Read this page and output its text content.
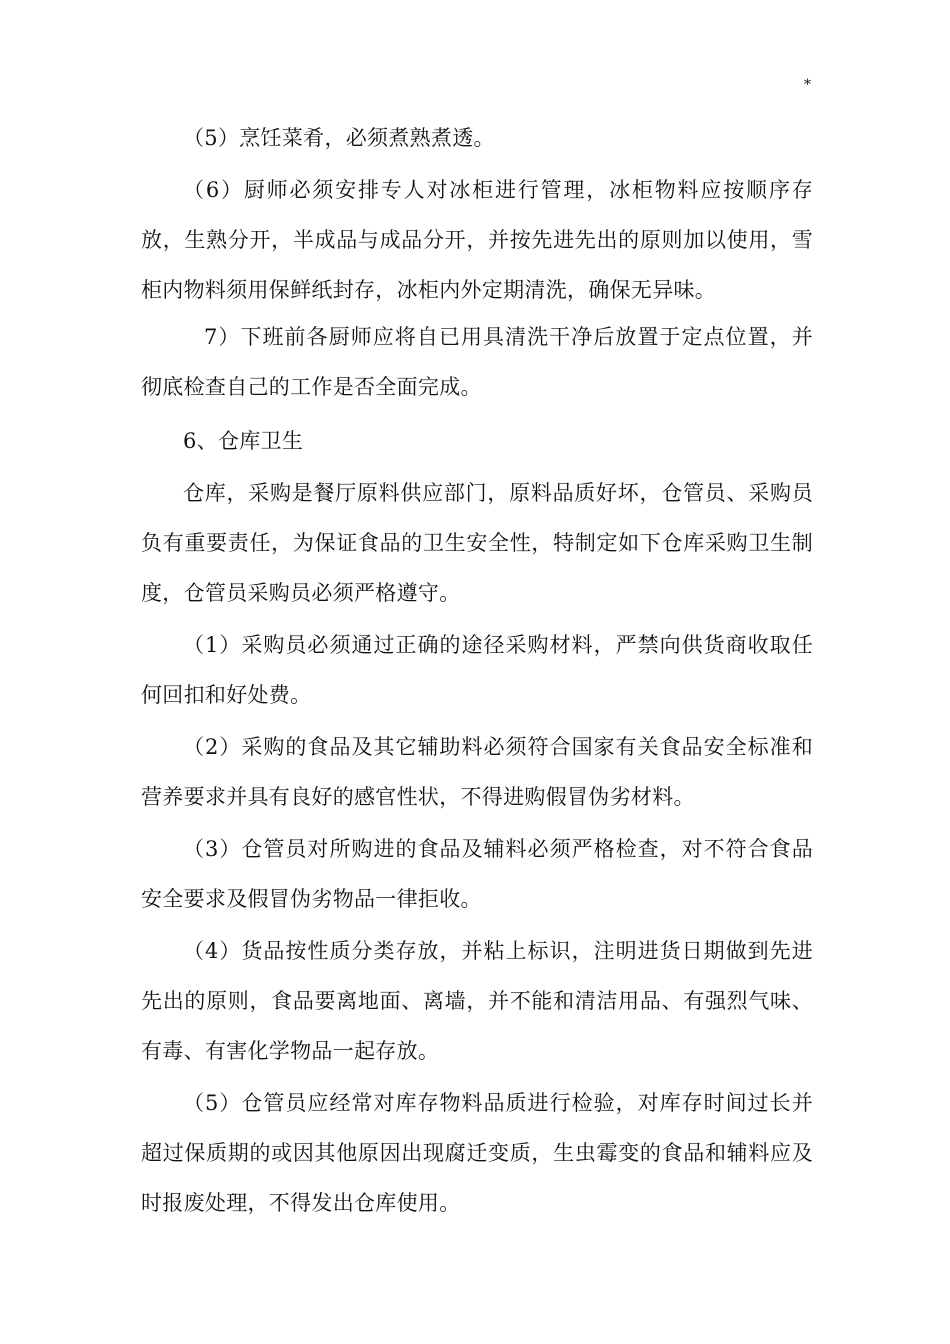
*

（5）烹饪菜肴，必须煮熟煮透。

（6）厨师必须安排专人对冰柜进行管理，冰柜物料应按顺序存放，生熟分开，半成品与成品分开，并按先进先出的原则加以使用，雪柜内物料须用保鲜纸封存，冰柜内外定期清洗，确保无异味。

7）下班前各厨师应将自已用具清洗干净后放置于定点位置，并彻底检查自己的工作是否全面完成。

6、仓库卫生

仓库，采购是餐厅原料供应部门，原料品质好坏，仓管员、采购员负有重要责任，为保证食品的卫生安全性，特制定如下仓库采购卫生制度，仓管员采购员必须严格遵守。

（1）采购员必须通过正确的途径采购材料，严禁向供货商收取任何回扣和好处费。

（2）采购的食品及其它辅助料必须符合国家有关食品安全标准和营养要求并具有良好的感官性状，不得进购假冒伪劣材料。

（3）仓管员对所购进的食品及辅料必须严格检查，对不符合食品安全要求及假冒伪劣物品一律拒收。

（4）货品按性质分类存放，并粘上标识，注明进货日期做到先进先出的原则，食品要离地面、离墙，并不能和清洁用品、有强烈气味、有毒、有害化学物品一起存放。

（5）仓管员应经常对库存物料品质进行检验，对库存时间过长并超过保质期的或因其他原因出现腐迁变质，生虫霉变的食品和辅料应及时报废处理，不得发出仓库使用。
